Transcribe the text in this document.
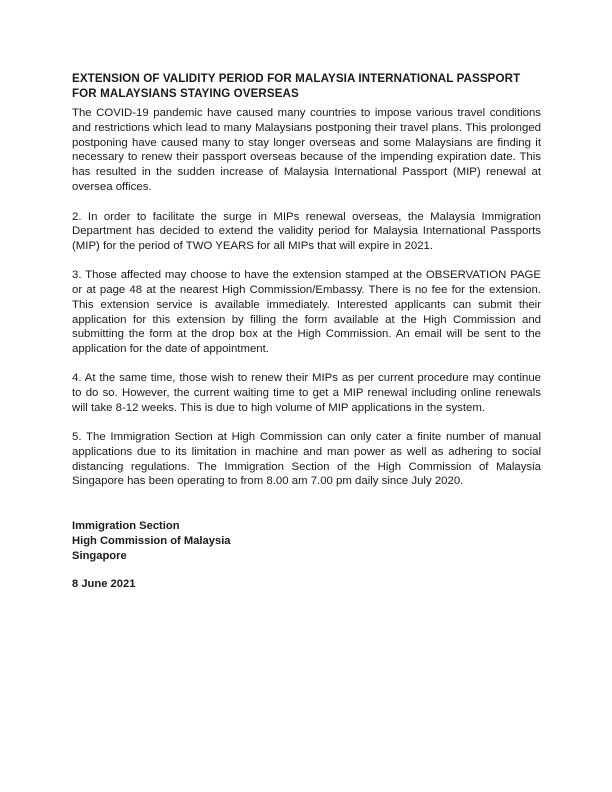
EXTENSION OF VALIDITY PERIOD FOR MALAYSIA INTERNATIONAL PASSPORT
FOR MALAYSIANS STAYING OVERSEAS

The COVID-19 pandemic have caused many countries to impose various travel conditions and restrictions which lead to many Malaysians postponing their travel plans. This prolonged postponing have caused many to stay longer overseas and some Malaysians are finding it necessary to renew their passport overseas because of the impending expiration date. This has resulted in the sudden increase of Malaysia International Passport (MIP) renewal at oversea offices.

2. In order to facilitate the surge in MIPs renewal overseas, the Malaysia Immigration Department has decided to extend the validity period for Malaysia International Passports (MIP) for the period of TWO YEARS for all MIPs that will expire in 2021.

3. Those affected may choose to have the extension stamped at the OBSERVATION PAGE or at page 48 at the nearest High Commission/Embassy. There is no fee for the extension. This extension service is available immediately. Interested applicants can submit their application for this extension by filling the form available at the High Commission and submitting the form at the drop box at the High Commission. An email will be sent to the application for the date of appointment.

4. At the same time, those wish to renew their MIPs as per current procedure may continue to do so. However, the current waiting time to get a MIP renewal including online renewals will take 8-12 weeks. This is due to high volume of MIP applications in the system.

5. The Immigration Section at High Commission can only cater a finite number of manual applications due to its limitation in machine and man power as well as adhering to social distancing regulations. The Immigration Section of the High Commission of Malaysia Singapore has been operating to from 8.00 am 7.00 pm daily since July 2020.

Immigration Section
High Commission of Malaysia
Singapore
8 June 2021
